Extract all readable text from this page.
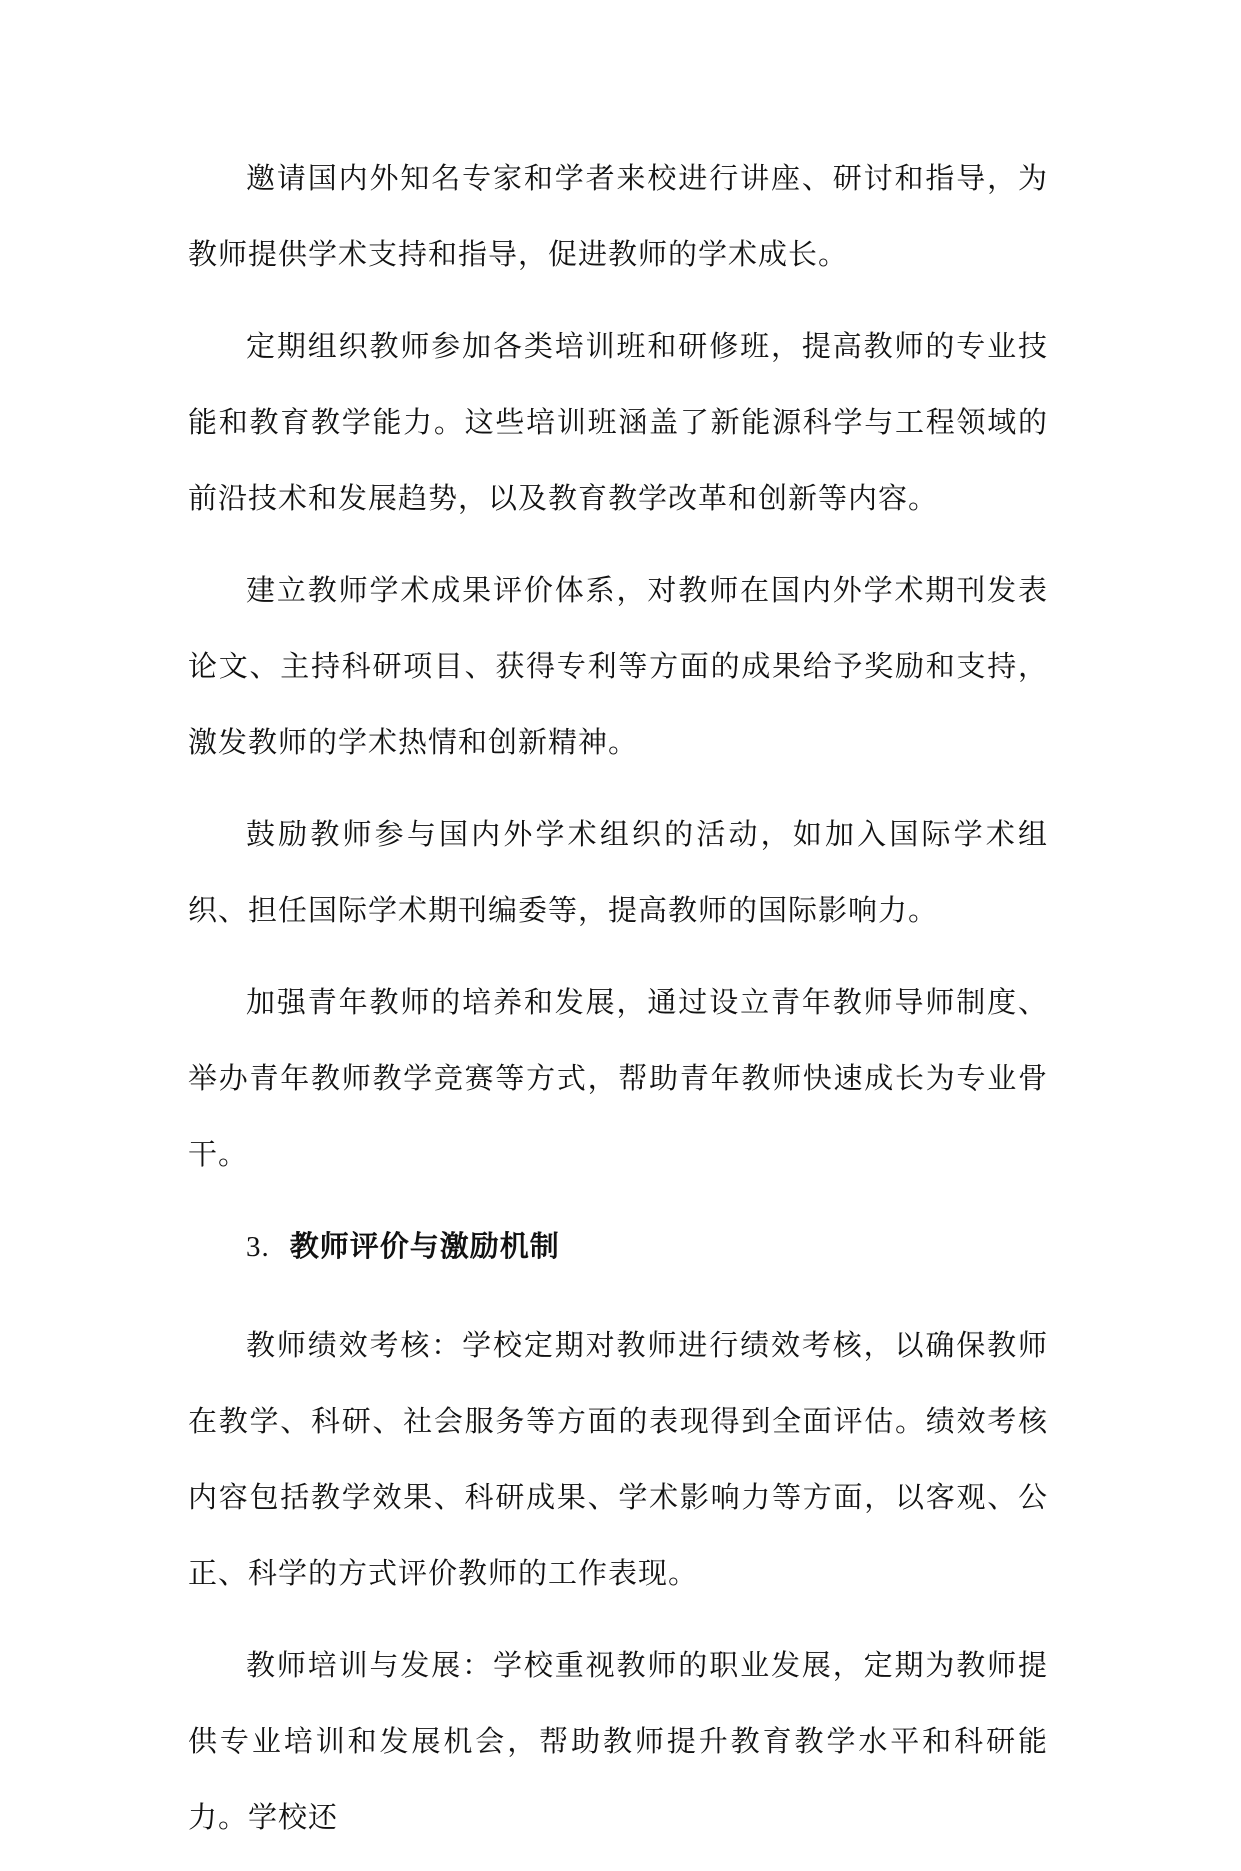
邀请国内外知名专家和学者来校进行讲座、研讨和指导，为教师提供学术支持和指导，促进教师的学术成长。

定期组织教师参加各类培训班和研修班，提高教师的专业技能和教育教学能力。这些培训班涵盖了新能源科学与工程领域的前沿技术和发展趋势，以及教育教学改革和创新等内容。

建立教师学术成果评价体系，对教师在国内外学术期刊发表论文、主持科研项目、获得专利等方面的成果给予奖励和支持，激发教师的学术热情和创新精神。

鼓励教师参与国内外学术组织的活动，如加入国际学术组织、担任国际学术期刊编委等，提高教师的国际影响力。

加强青年教师的培养和发展，通过设立青年教师导师制度、举办青年教师教学竞赛等方式，帮助青年教师快速成长为专业骨干。

3. 教师评价与激励机制

教师绩效考核：学校定期对教师进行绩效考核，以确保教师在教学、科研、社会服务等方面的表现得到全面评估。绩效考核内容包括教学效果、科研成果、学术影响力等方面，以客观、公正、科学的方式评价教师的工作表现。

教师培训与发展：学校重视教师的职业发展，定期为教师提供专业培训和发展机会，帮助教师提升教育教学水平和科研能力。学校还
